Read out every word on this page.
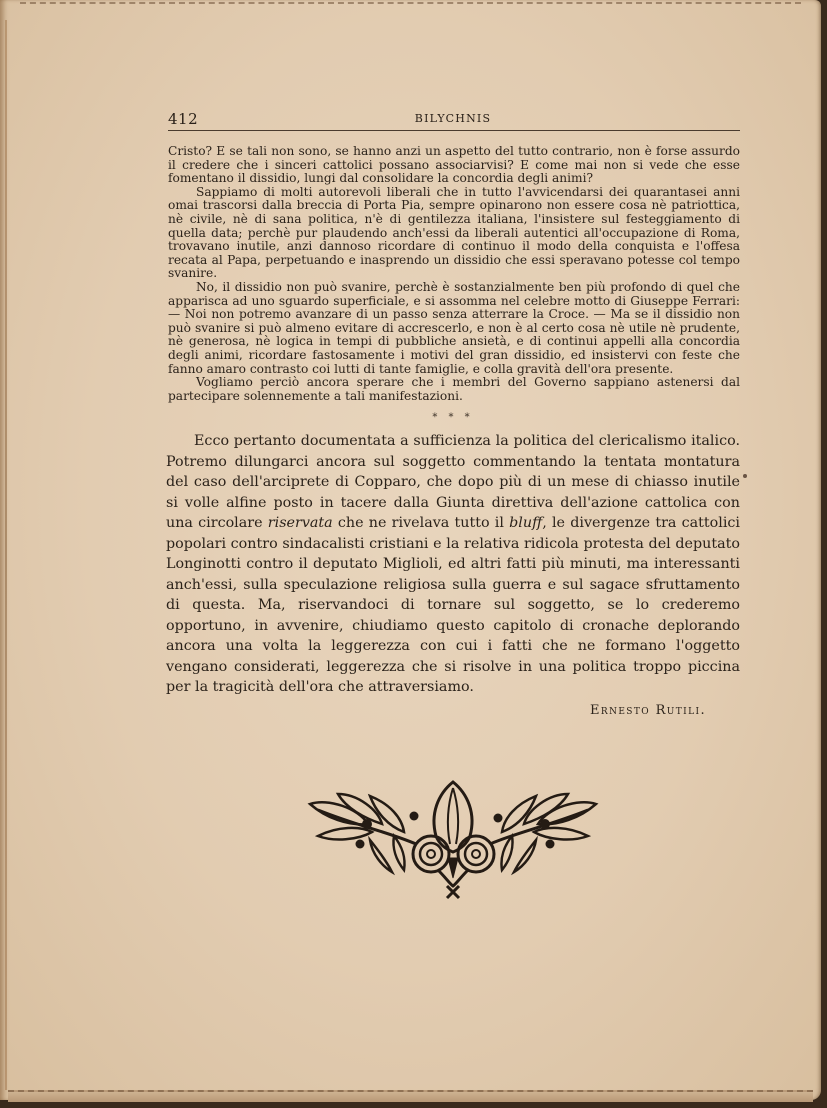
412	BILYCHNIS

Cristo? E se tali non sono, se hanno anzi un aspetto del tutto contrario, non è forse assurdo il credere che i sinceri cattolici possano associarvisi? E come mai non si vede che esse fomentano il dissidio, lungi dal consolidare la concordia degli animi?

Sappiamo di molti autorevoli liberali che in tutto l'avvicendarsi dei quarantasei anni omai trascorsi dalla breccia di Porta Pia, sempre opinarono non essere cosa nè patriottica, nè civile, nè di sana politica, n'è di gentilezza italiana, l'insistere sul festeggiamento di quella data; perchè pur plaudendo anch'essi da liberali autentici all'occupazione di Roma, trovavano inutile, anzi dannoso ricordare di continuo il modo della conquista e l'offesa recata al Papa, perpetuando e inasprendo un dissidio che essi speravano potesse col tempo svanire.

No, il dissidio non può svanire, perchè è sostanzialmente ben più profondo di quel che apparisca ad uno sguardo superficiale, e si assomma nel celebre motto di Giuseppe Ferrari: — Noi non potremo avanzare di un passo senza atterrare la Croce. — Ma se il dissidio non può svanire si può almeno evitare di accrescerlo, e non è al certo cosa nè utile nè prudente, nè generosa, nè logica in tempi di pubbliche ansietà, e di continui appelli alla concordia degli animi, ricordare fastosamente i motivi del gran dissidio, ed insistervi con feste che fanno amaro contrasto coi lutti di tante famiglie, e colla gravità dell'ora presente.

Vogliamo perciò ancora sperare che i membri del Governo sappiano astenersi dal partecipare solennemente a tali manifestazioni.

* * *

Ecco pertanto documentata a sufficienza la politica del clericalismo italico. Potremo dilungarci ancora sul soggetto commentando la tentata montatura del caso dell'arciprete di Copparo, che dopo più di un mese di chiasso inutile si volle alfine posto in tacere dalla Giunta direttiva dell'azione cattolica con una circolare riservata che ne rivelava tutto il bluff, le divergenze tra cattolici popolari contro sindacalisti cristiani e la relativa ridicola protesta del deputato Longinotti contro il deputato Miglioli, ed altri fatti più minuti, ma interessanti anch'essi, sulla speculazione religiosa sulla guerra e sul sagace sfruttamento di questa. Ma, riservandoci di tornare sul soggetto, se lo crederemo opportuno, in avvenire, chiudiamo questo capitolo di cronache deplorando ancora una volta la leggerezza con cui i fatti che ne formano l'oggetto vengano considerati, leggerezza che si risolve in una politica troppo piccina per la tragicità dell'ora che attraversiamo.

Ernesto Rutili.
